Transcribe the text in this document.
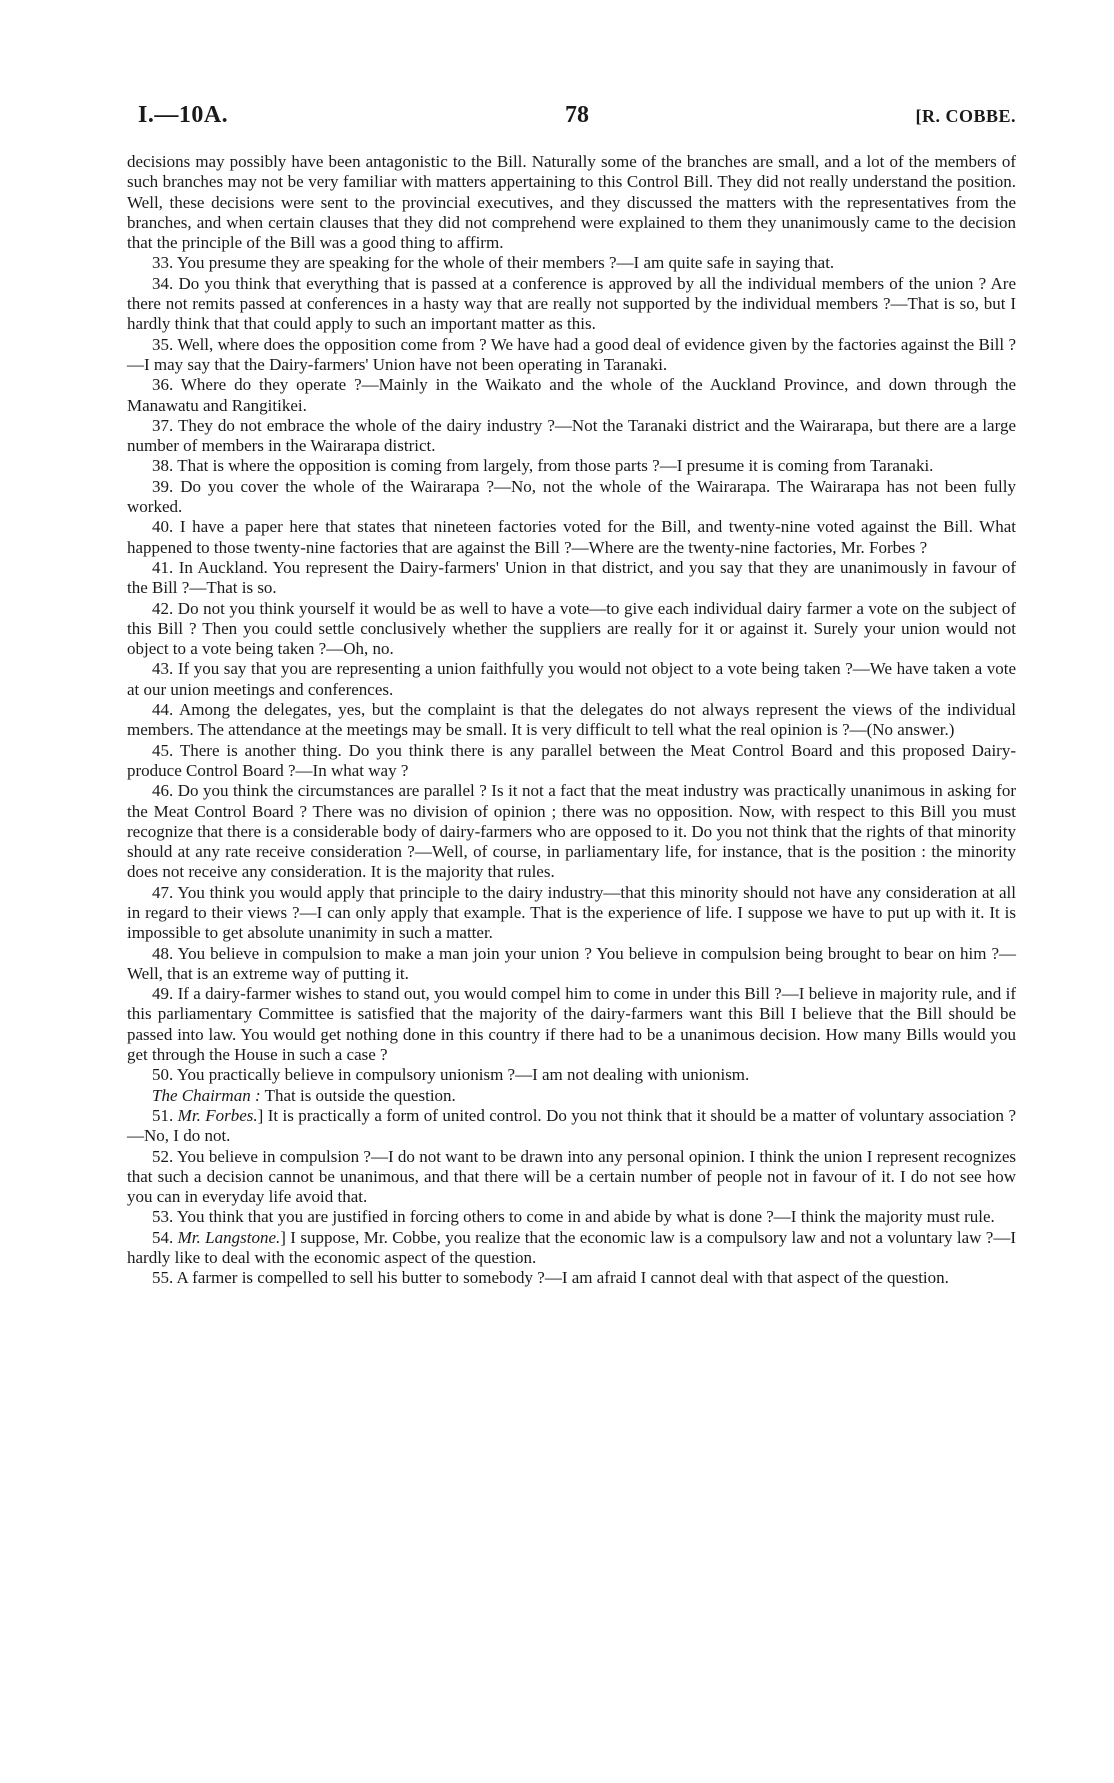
I.—10A.	78	[R. COBBE.

decisions may possibly have been antagonistic to the Bill. Naturally some of the branches are small, and a lot of the members of such branches may not be very familiar with matters appertaining to this Control Bill. They did not really understand the position. Well, these decisions were sent to the provincial executives, and they discussed the matters with the representatives from the branches, and when certain clauses that they did not comprehend were explained to them they unanimously came to the decision that the principle of the Bill was a good thing to affirm.

33. You presume they are speaking for the whole of their members ?—I am quite safe in saying that.

34. Do you think that everything that is passed at a conference is approved by all the individual members of the union ? Are there not remits passed at conferences in a hasty way that are really not supported by the individual members ?—That is so, but I hardly think that that could apply to such an important matter as this.

35. Well, where does the opposition come from ? We have had a good deal of evidence given by the factories against the Bill ?—I may say that the Dairy-farmers' Union have not been operating in Taranaki.

36. Where do they operate ?—Mainly in the Waikato and the whole of the Auckland Province, and down through the Manawatu and Rangitikei.

37. They do not embrace the whole of the dairy industry ?—Not the Taranaki district and the Wairarapa, but there are a large number of members in the Wairarapa district.

38. That is where the opposition is coming from largely, from those parts ?—I presume it is coming from Taranaki.

39. Do you cover the whole of the Wairarapa ?—No, not the whole of the Wairarapa. The Wairarapa has not been fully worked.

40. I have a paper here that states that nineteen factories voted for the Bill, and twenty-nine voted against the Bill. What happened to those twenty-nine factories that are against the Bill ?—Where are the twenty-nine factories, Mr. Forbes ?

41. In Auckland. You represent the Dairy-farmers' Union in that district, and you say that they are unanimously in favour of the Bill ?—That is so.

42. Do not you think yourself it would be as well to have a vote—to give each individual dairy farmer a vote on the subject of this Bill ? Then you could settle conclusively whether the suppliers are really for it or against it. Surely your union would not object to a vote being taken ?—Oh, no.

43. If you say that you are representing a union faithfully you would not object to a vote being taken ?—We have taken a vote at our union meetings and conferences.

44. Among the delegates, yes, but the complaint is that the delegates do not always represent the views of the individual members. The attendance at the meetings may be small. It is very difficult to tell what the real opinion is ?—(No answer.)

45. There is another thing. Do you think there is any parallel between the Meat Control Board and this proposed Dairy-produce Control Board ?—In what way ?

46. Do you think the circumstances are parallel ? Is it not a fact that the meat industry was practically unanimous in asking for the Meat Control Board ? There was no division of opinion ; there was no opposition. Now, with respect to this Bill you must recognize that there is a considerable body of dairy-farmers who are opposed to it. Do you not think that the rights of that minority should at any rate receive consideration ?—Well, of course, in parliamentary life, for instance, that is the position : the minority does not receive any consideration. It is the majority that rules.

47. You think you would apply that principle to the dairy industry—that this minority should not have any consideration at all in regard to their views ?—I can only apply that example. That is the experience of life. I suppose we have to put up with it. It is impossible to get absolute unanimity in such a matter.

48. You believe in compulsion to make a man join your union ? You believe in compulsion being brought to bear on him ?—Well, that is an extreme way of putting it.

49. If a dairy-farmer wishes to stand out, you would compel him to come in under this Bill ?—I believe in majority rule, and if this parliamentary Committee is satisfied that the majority of the dairy-farmers want this Bill I believe that the Bill should be passed into law. You would get nothing done in this country if there had to be a unanimous decision. How many Bills would you get through the House in such a case ?

50. You practically believe in compulsory unionism ?—I am not dealing with unionism.

The Chairman : That is outside the question.

51. Mr. Forbes.] It is practically a form of united control. Do you not think that it should be a matter of voluntary association ?—No, I do not.

52. You believe in compulsion ?—I do not want to be drawn into any personal opinion. I think the union I represent recognizes that such a decision cannot be unanimous, and that there will be a certain number of people not in favour of it. I do not see how you can in everyday life avoid that.

53. You think that you are justified in forcing others to come in and abide by what is done ?—I think the majority must rule.

54. Mr. Langstone.] I suppose, Mr. Cobbe, you realize that the economic law is a compulsory law and not a voluntary law ?—I hardly like to deal with the economic aspect of the question.

55. A farmer is compelled to sell his butter to somebody ?—I am afraid I cannot deal with that aspect of the question.
